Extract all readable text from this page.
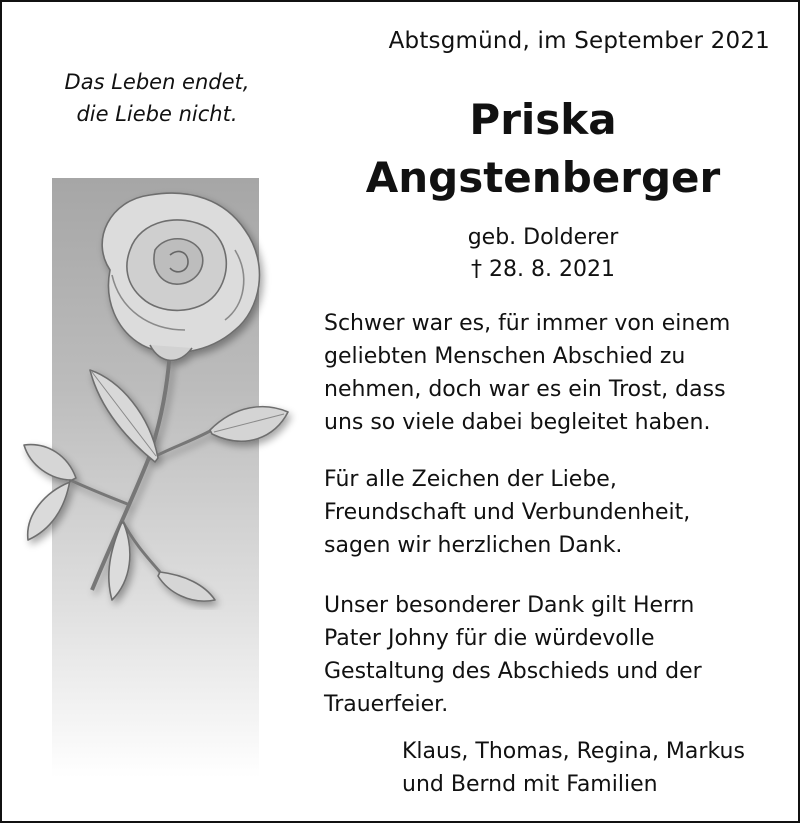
Abtsgmünd, im September 2021
Das Leben endet,
die Liebe nicht.	Priska
Angstenberger
geb. Dolderer
† 28. 8. 2021
Schwer war es, für immer von einem
geliebten Menschen Abschied zu
nehmen, doch war es ein Trost, dass
uns so viele dabei begleitet haben.
Für alle Zeichen der Liebe,
Freundschaft und Verbundenheit,
sagen wir herzlichen Dank.
Unser besonderer Dank gilt Herrn
Pater Johny für die würdevolle
Gestaltung des Abschieds und der
Trauerfeier.
Klaus, Thomas, Regina, Markus
und Bernd mit Familien
